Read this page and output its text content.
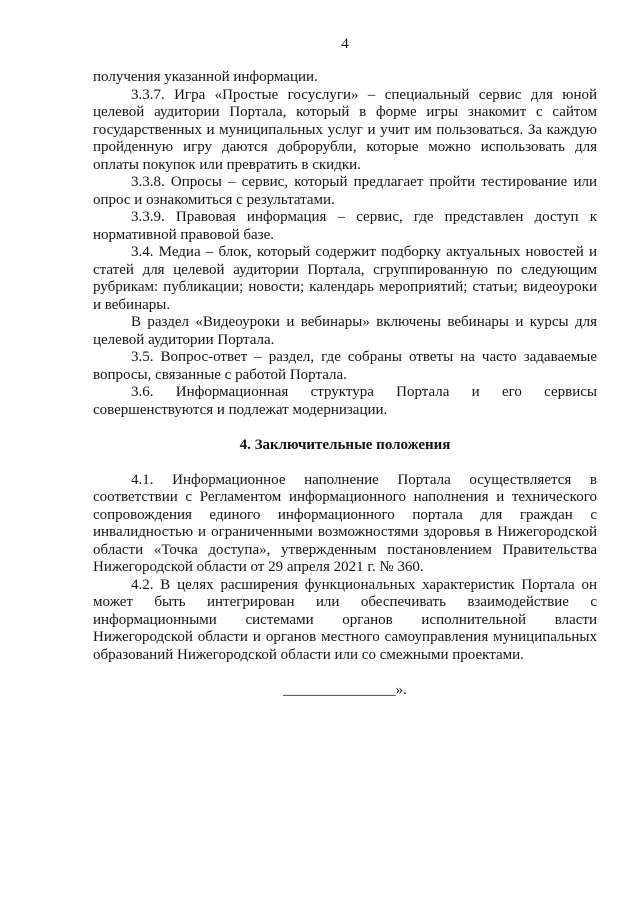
4
получения указанной информации.
3.3.7. Игра «Простые госуслуги» – специальный сервис для юной
целевой аудитории Портала, который в форме игры знакомит с сайтом
государственных и муниципальных услуг и учит им пользоваться. За каждую
пройденную игру даются доброрубли, которые можно использовать для
оплаты покупок или превратить в скидки.
3.3.8. Опросы – сервис, который предлагает пройти тестирование или
опрос и ознакомиться с результатами.
3.3.9. Правовая информация – сервис, где представлен доступ к
нормативной правовой базе.
3.4. Медиа – блок, который содержит подборку актуальных новостей и
статей для целевой аудитории Портала, сгруппированную по следующим
рубрикам: публикации; новости; календарь мероприятий; статьи; видеоуроки
и вебинары.
В раздел «Видеоуроки и вебинары» включены вебинары и курсы для
целевой аудитории Портала.
3.5. Вопрос-ответ – раздел, где собраны ответы на часто задаваемые
вопросы, связанные с работой Портала.
3.6. Информационная структура Портала и его сервисы
совершенствуются и подлежат модернизации.
4. Заключительные положения
4.1. Информационное наполнение Портала осуществляется в
соответствии с Регламентом информационного наполнения и технического
сопровождения единого информационного портала для граждан с
инвалидностью и ограниченными возможностями здоровья в Нижегородской
области «Точка доступа», утвержденным постановлением Правительства
Нижегородской области от 29 апреля 2021 г. № 360.
4.2. В целях расширения функциональных характеристик Портала он
может быть интегрирован или обеспечивать взаимодействие с
информационными системами органов исполнительной власти
Нижегородской области и органов местного самоуправления муниципальных
образований Нижегородской области или со смежными проектами.
_______________».
